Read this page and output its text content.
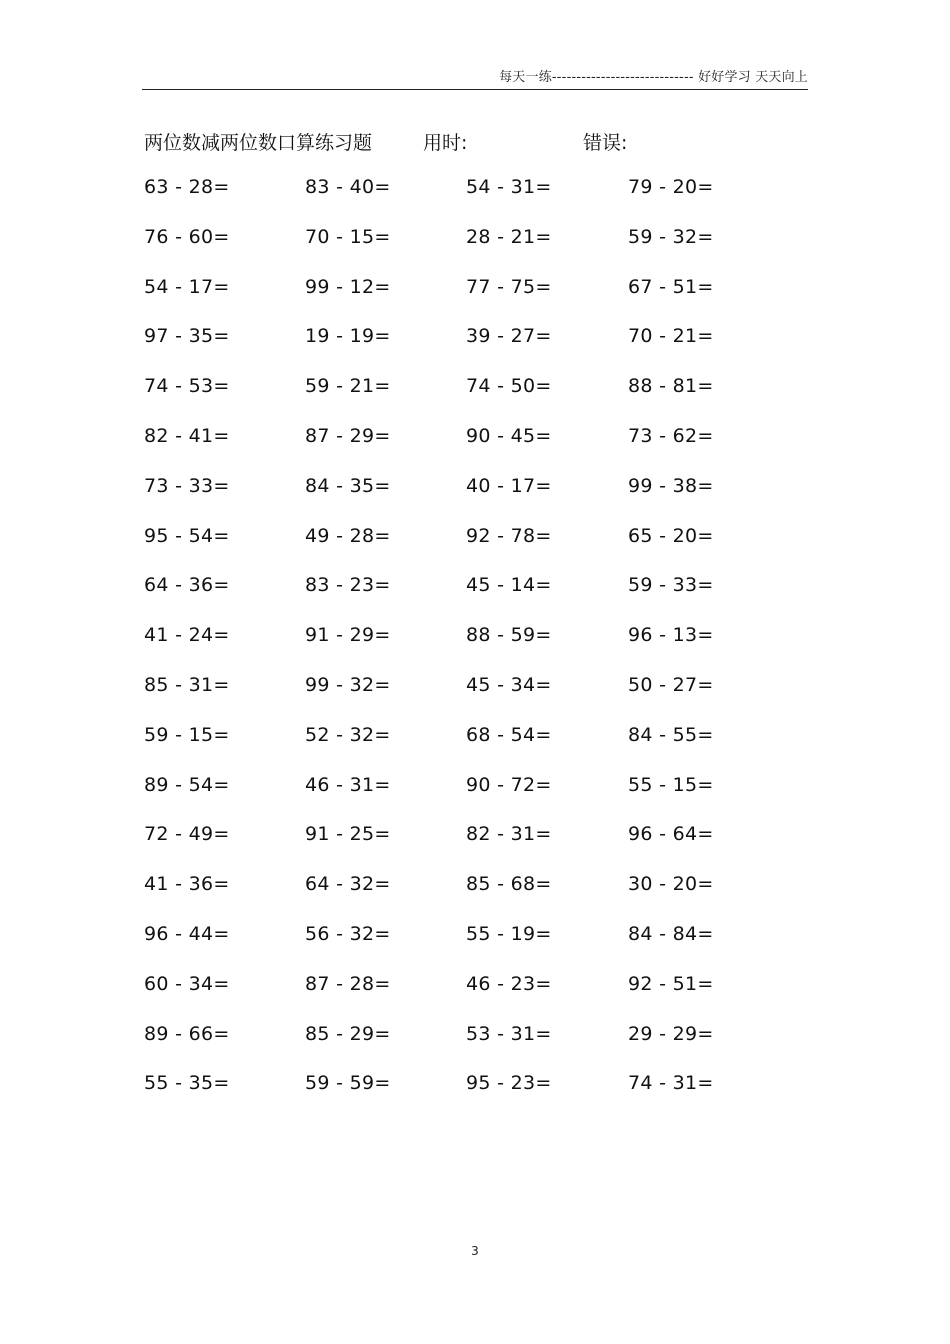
每天一练----------------------------- 好好学习 天天向上
两位数减两位数口算练习题	用时:	错误:
63 - 28=	83 - 40=	54 - 31=	79 - 20=
76 - 60=	70 - 15=	28 - 21=	59 - 32=
54 - 17=	99 - 12=	77 - 75=	67 - 51=
97 - 35=	19 - 19=	39 - 27=	70 - 21=
74 - 53=	59 - 21=	74 - 50=	88 - 81=
82 - 41=	87 - 29=	90 - 45=	73 - 62=
73 - 33=	84 - 35=	40 - 17=	99 - 38=
95 - 54=	49 - 28=	92 - 78=	65 - 20=
64 - 36=	83 - 23=	45 - 14=	59 - 33=
41 - 24=	91 - 29=	88 - 59=	96 - 13=
85 - 31=	99 - 32=	45 - 34=	50 - 27=
59 - 15=	52 - 32=	68 - 54=	84 - 55=
89 - 54=	46 - 31=	90 - 72=	55 - 15=
72 - 49=	91 - 25=	82 - 31=	96 - 64=
41 - 36=	64 - 32=	85 - 68=	30 - 20=
96 - 44=	56 - 32=	55 - 19=	84 - 84=
60 - 34=	87 - 28=	46 - 23=	92 - 51=
89 - 66=	85 - 29=	53 - 31=	29 - 29=
55 - 35=	59 - 59=	95 - 23=	74 - 31=
3
